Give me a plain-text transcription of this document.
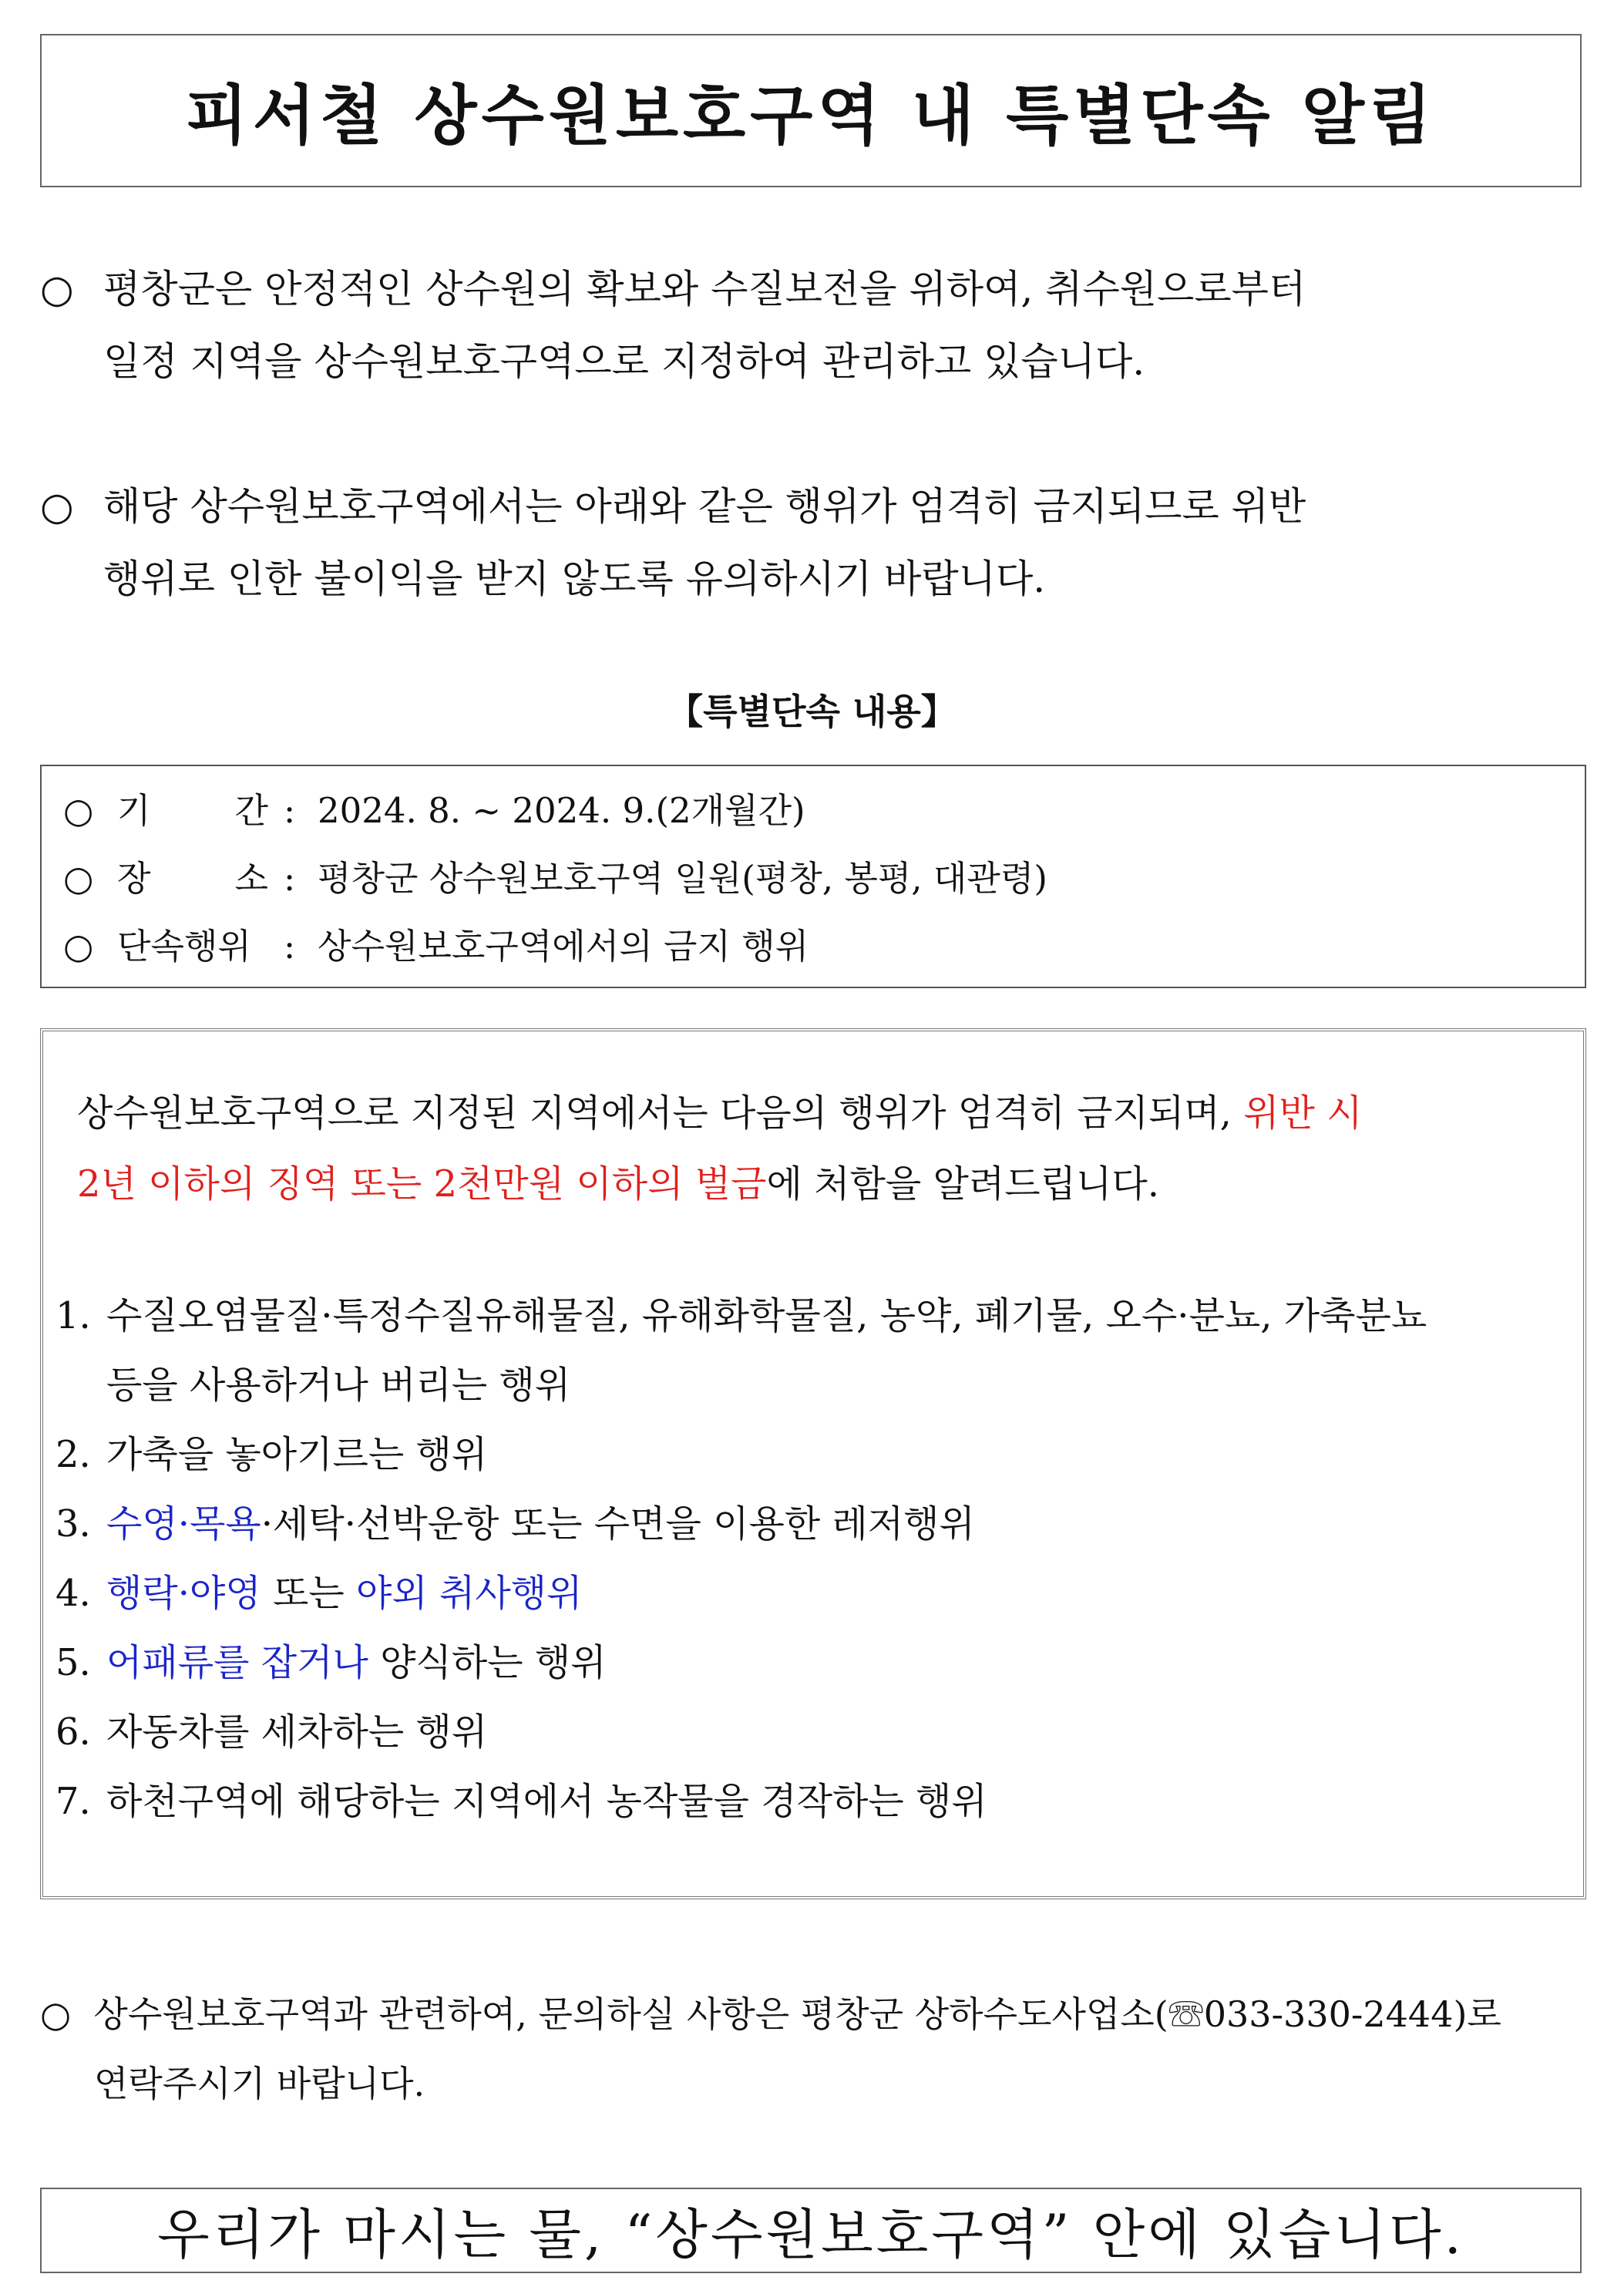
피서철 상수원보호구역 내 특별단속 알림
○ 평창군은 안정적인 상수원의 확보와 수질보전을 위하여, 취수원으로부터
일정 지역을 상수원보호구역으로 지정하여 관리하고 있습니다.
○ 해당 상수원보호구역에서는 아래와 같은 행위가 엄격히 금지되므로 위반
행위로 인한 불이익을 받지 않도록 유의하시기 바랍니다.
【특별단속 내용】
○ 기 간 : 2024. 8. ~ 2024. 9.(2개월간)
○ 장 소 : 평창군 상수원보호구역 일원(평창, 봉평, 대관령)
○ 단속행위 : 상수원보호구역에서의 금지 행위
상수원보호구역으로 지정된 지역에서는 다음의 행위가 엄격히 금지되며, 위반 시
2년 이하의 징역 또는 2천만원 이하의 벌금에 처함을 알려드립니다.
1. 수질오염물질·특정수질유해물질, 유해화학물질, 농약, 폐기물, 오수·분뇨, 가축분뇨
등을 사용하거나 버리는 행위
2. 가축을 놓아기르는 행위
3. 수영·목욕·세탁·선박운항 또는 수면을 이용한 레저행위
4. 행락·야영 또는 야외 취사행위
5. 어패류를 잡거나 양식하는 행위
6. 자동차를 세차하는 행위
7. 하천구역에 해당하는 지역에서 농작물을 경작하는 행위
○ 상수원보호구역과 관련하여, 문의하실 사항은 평창군 상하수도사업소(☏033-330-2444)로
연락주시기 바랍니다.
우리가 마시는 물, “상수원보호구역” 안에 있습니다.
